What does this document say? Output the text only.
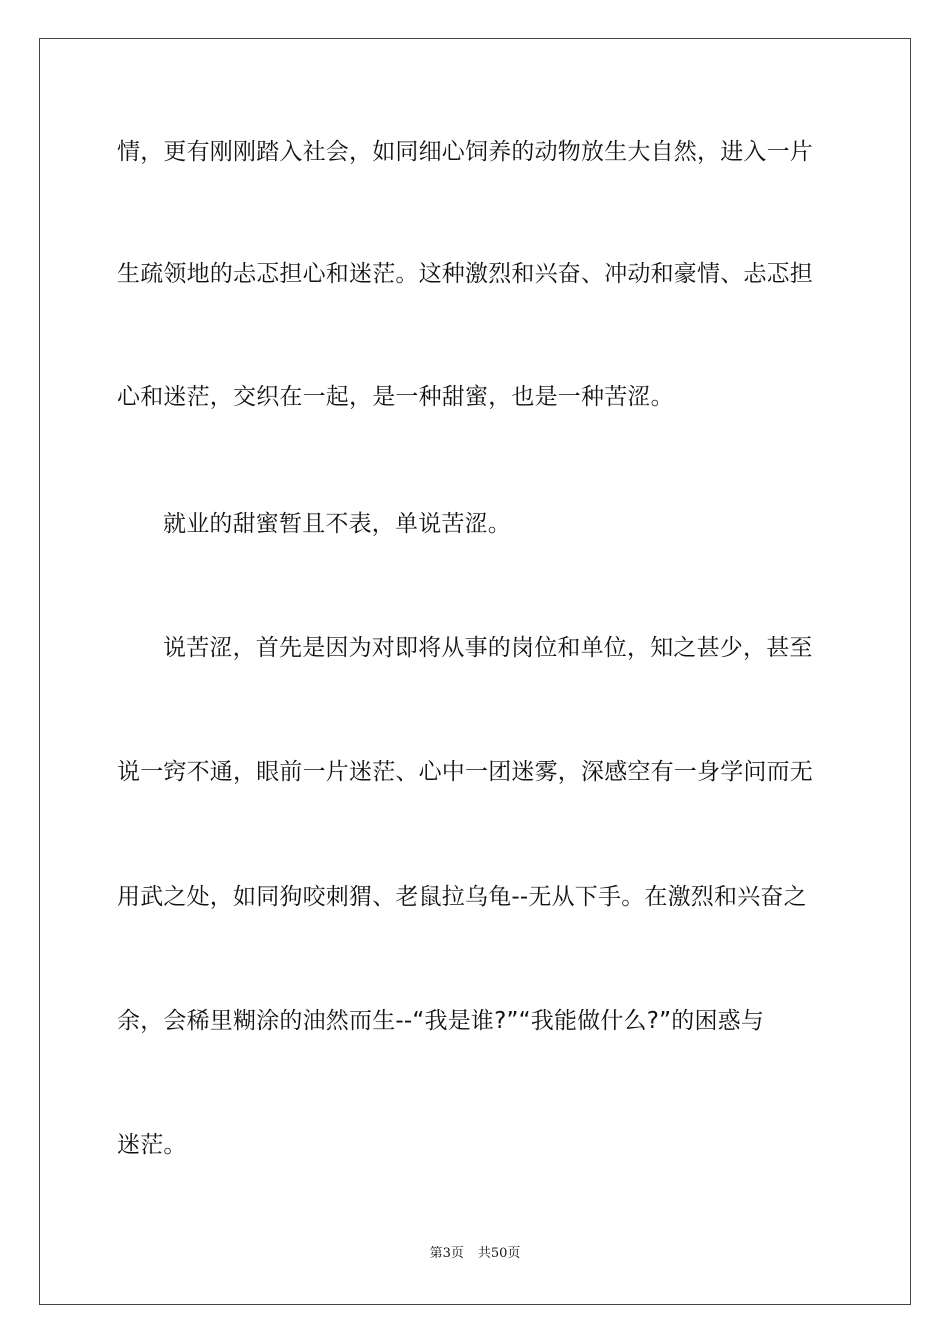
情，更有刚刚踏入社会，如同细心饲养的动物放生大自然，进入一片
生疏领地的忐忑担心和迷茫。这种激烈和兴奋、冲动和豪情、忐忑担
心和迷茫，交织在一起，是一种甜蜜，也是一种苦涩。
就业的甜蜜暂且不表，单说苦涩。
说苦涩，首先是因为对即将从事的岗位和单位，知之甚少，甚至
说一窍不通，眼前一片迷茫、心中一团迷雾，深感空有一身学问而无
用武之处，如同狗咬刺猬、老鼠拉乌龟--无从下手。在激烈和兴奋之
余，会稀里糊涂的油然而生--“我是谁?”“我能做什么?”的困惑与
迷茫。
第3页 共50页
